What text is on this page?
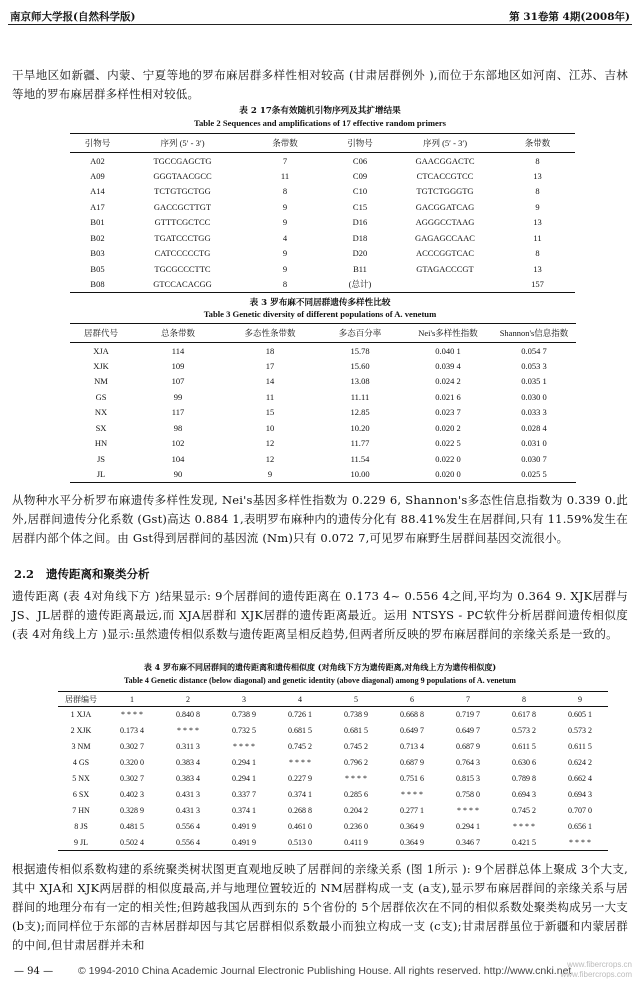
南京师大学报(自然科学版)	第 31卷第 4期(2008年)
干旱地区如新疆、内蒙、宁夏等地的罗布麻居群多样性相对较高 (甘肃居群例外 ),而位于东部地区如河南、江苏、吉林等地的罗布麻居群多样性相对较低。
表 2 17条有效随机引物序列及其扩增结果
Table 2 Sequences and amplifications of 17 effective random primers
引物号	序列 (5′ - 3′)	条带数	引物号	序列 (5′ - 3′)	条带数
A02	TGCCGAGCTG	7	C06	GAACGGACTC	8
A09	GGGTAACGCC	11	C09	CTCACCGTCC	13
A14	TCTGTGCTGG	8	C10	TGTCTGGGTG	8
A17	GACCGCTTGT	9	C15	GACGGATCAG	9
B01	GTTTCGCTCC	9	D16	AGGGCCTAAG	13
B02	TGATCCCTGG	4	D18	GAGAGCCAAC	11
B03	CATCCCCCTG	9	D20	ACCCGGTCAC	8
B05	TGCGCCCTTC	9	B11	GTAGACCCGT	13
B08	GTCCACACGG	8	(总计)		157
表 3 罗布麻不同居群遗传多样性比较
Table 3 Genetic diversity of different populations of A. venetum
居群代号	总条带数	多态性条带数	多态百分率	Nei's多样性指数	Shannon's信息指数
XJA	114	18	15.78	0.040 1	0.054 7
XJK	109	17	15.60	0.039 4	0.053 3
NM	107	14	13.08	0.024 2	0.035 1
GS	99	11	11.11	0.021 6	0.030 0
NX	117	15	12.85	0.023 7	0.033 3
SX	98	10	10.20	0.020 2	0.028 4
HN	102	12	11.77	0.022 5	0.031 0
JS	104	12	11.54	0.022 0	0.030 7
JL	90	9	10.00	0.020 0	0.025 5
从物种水平分析罗布麻遗传多样性发现, Nei's基因多样性指数为 0.229 6, Shannon's多态性信息指数为 0.339 0.此外,居群间遗传分化系数 (Gst)高达 0.884 1,表明罗布麻种内的遗传分化有 88.41%发生在居群间,只有 11.59%发生在居群内部个体之间。由 Gst得到居群间的基因流 (Nm)只有 0.072 7,可见罗布麻野生居群间基因交流很小。
2.2 遗传距离和聚类分析
遗传距离 (表 4对角线下方 )结果显示: 9个居群间的遗传距离在 0.173 4~ 0.556 4之间,平均为 0.364 9. XJK居群与 JS、JL居群的遗传距离最远,而 XJA居群和 XJK居群的遗传距离最近。运用 NTSYS - PC软件分析居群间遗传相似度 (表 4对角线上方 )显示:虽然遗传相似系数与遗传距离呈相反趋势,但两者所反映的罗布麻居群间的亲缘关系是一致的。
表 4 罗布麻不同居群间的遗传距离和遗传相似度 (对角线下方为遗传距离,对角线上方为遗传相似度)
Table 4 Genetic distance (below diagonal) and genetic identity (above diagonal) among 9 populations of A. venetum
居群编号	1	2	3	4	5	6	7	8	9
1 XJA	* * * *	0.840 8	0.738 9	0.726 1	0.738 9	0.668 8	0.719 7	0.617 8	0.605 1
2 XJK	0.173 4	* * * *	0.732 5	0.681 5	0.681 5	0.649 7	0.649 7	0.573 2	0.573 2
3 NM	0.302 7	0.311 3	* * * *	0.745 2	0.745 2	0.713 4	0.687 9	0.611 5	0.611 5
4 GS	0.320 0	0.383 4	0.294 1	* * * *	0.796 2	0.687 9	0.764 3	0.630 6	0.624 2
5 NX	0.302 7	0.383 4	0.294 1	0.227 9	* * * *	0.751 6	0.815 3	0.789 8	0.662 4
6 SX	0.402 3	0.431 3	0.337 7	0.374 1	0.285 6	* * * *	0.758 0	0.694 3	0.694 3
7 HN	0.328 9	0.431 3	0.374 1	0.268 8	0.204 2	0.277 1	* * * *	0.745 2	0.707 0
8 JS	0.481 5	0.556 4	0.491 9	0.461 0	0.236 0	0.364 9	0.294 1	* * * *	0.656 1
9 JL	0.502 4	0.556 4	0.491 9	0.513 0	0.411 9	0.364 9	0.346 7	0.421 5	* * * *
根据遗传相似系数构建的系统聚类树状图更直观地反映了居群间的亲缘关系 (图 1所示 ): 9个居群总体上聚成 3个大支,其中 XJA和 XJK两居群的相似度最高,并与地理位置较近的 NM居群构成一支 (a支),显示罗布麻居群间的亲缘关系与居群间的地理分布有一定的相关性;但跨越我国从西到东的 5个省份的 5个居群依次在不同的相似系数处聚类构成另一大支 (b支);而同样位于东部的吉林居群却因与其它居群相似系数最小而独立构成一支 (c支);甘肃居群虽位于新疆和内蒙居群的中间,但甘肃居群并未和
— 94 — © 1994-2010 China Academic Journal Electronic Publishing House. All rights reserved. http://www.cnki.net
www.fibercrops.cn
www.fibercrops.com
